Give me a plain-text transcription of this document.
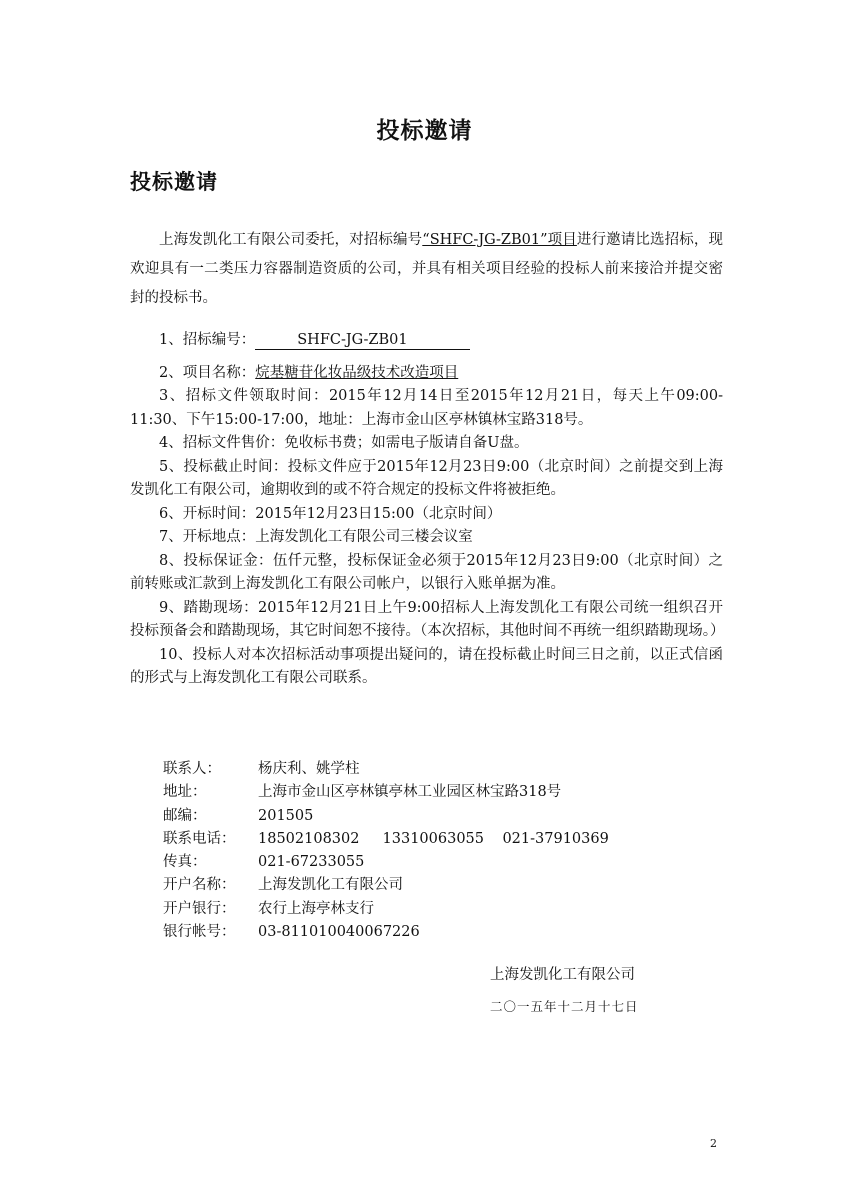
投标邀请
投标邀请
上海发凯化工有限公司委托，对招标编号“SHFC-JG-ZB01”项目进行邀请比选招标，现欢迎具有一二类压力容器制造资质的公司，并具有相关项目经验的投标人前来接洽并提交密封的投标书。
1、招标编号：	SHFC-JG-ZB01
2、项目名称：烷基糖苷化妆品级技术改造项目
3、招标文件领取时间：2015年12月14日至2015年12月21日，每天上午09:00-11:30、下午15:00-17:00，地址：上海市金山区亭林镇林宝路318号。
4、招标文件售价：免收标书费；如需电子版请自备U盘。
5、投标截止时间：投标文件应于2015年12月23日9:00（北京时间）之前提交到上海发凯化工有限公司，逾期收到的或不符合规定的投标文件将被拒绝。
6、开标时间：2015年12月23日15:00（北京时间）
7、开标地点：上海发凯化工有限公司三楼会议室
8、投标保证金：伍仟元整，投标保证金必须于2015年12月23日9:00（北京时间）之前转账或汇款到上海发凯化工有限公司帐户，以银行入账单据为准。
9、踏勘现场：2015年12月21日上午9:00招标人上海发凯化工有限公司统一组织召开投标预备会和踏勘现场，其它时间恕不接待。（本次招标，其他时间不再统一组织踏勘现场。）
10、投标人对本次招标活动事项提出疑问的，请在投标截止时间三日之前，以正式信函的形式与上海发凯化工有限公司联系。
联系人：	杨庆利、姚学柱
地址：	上海市金山区亭林镇亭林工业园区林宝路318号
邮编：	201505
联系电话：	18502108302     13310063055    021-37910369
传真：	021-67233055
开户名称：	上海发凯化工有限公司
开户银行：	农行上海亭林支行
银行帐号：	03-811010040067226
上海发凯化工有限公司
二〇一五年十二月十七日
2
